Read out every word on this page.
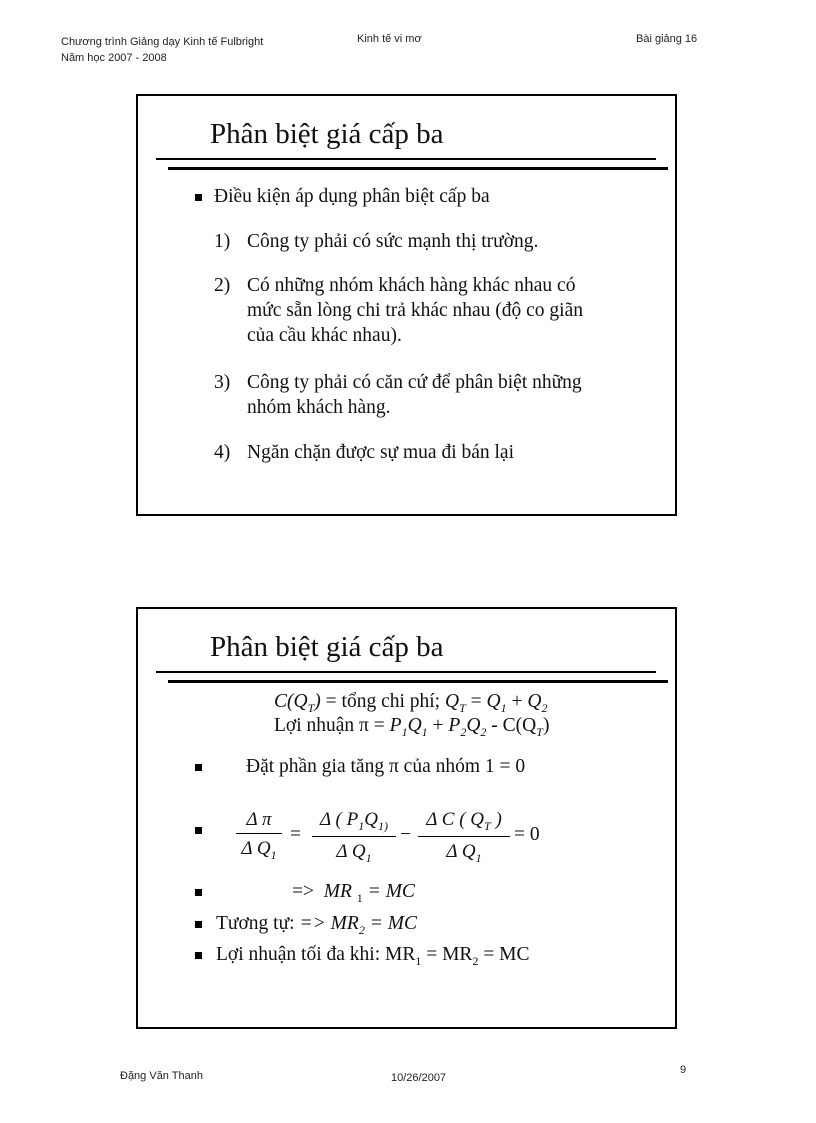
Chương trình Giảng dạy Kinh tế Fulbright
Năm học 2007 - 2008
Kinh tế vi mơ	Bài giảng 16
Phân biệt giá cấp ba
Điều kiện áp dụng phân biệt cấp ba
1) Công ty phải có sức mạnh thị trường.
2) Có những nhóm khách hàng khác nhau có
mức sẵn lòng chi trả khác nhau (độ co giãn
của cầu khác nhau).
3) Công ty phải có căn cứ để phân biệt những
nhóm khách hàng.
4) Ngăn chặn được sự mua đi bán lại
Phân biệt giá cấp ba
$C(Q_T)$ = tổng chi phí; $Q_T = Q_1 + Q_2$
Lợi nhuận $\pi = P_1Q_1 + P_2Q_2 - C(Q_T)$
Đặt phần gia tăng π của nhóm 1 = 0
$\frac{\text{Δ π}}{\Delta Q_1} = \frac{\Delta ( P_1Q_{1)}}{\Delta Q_1} - \frac{\Delta C ( Q_T )}{\Delta Q_1} = 0$
=> MR $_1$ = MC
Tương tự: => $MR_2$ = MC
Lợi nhuận tối đa khi: $MR_1 = MR_2$ = MC
Đặng Văn Thanh	10/26/2007
9
